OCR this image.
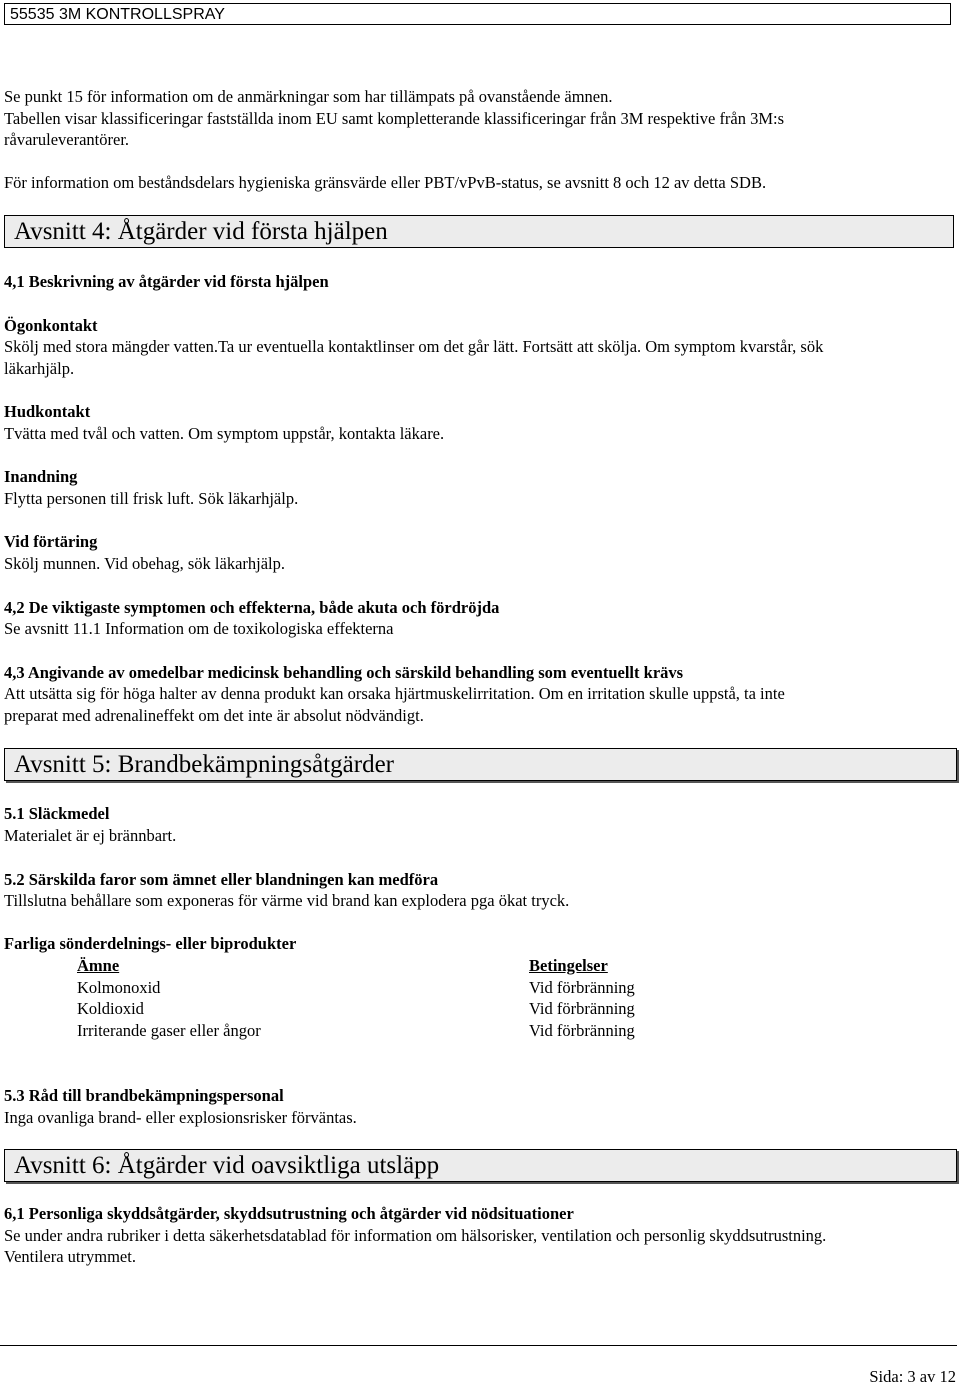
55535 3M KONTROLLSPRAY

Se punkt 15 för information om de anmärkningar som har tillämpats på ovanstående ämnen.

Tabellen visar klassificeringar fastställda inom EU samt kompletterande klassificeringar från 3M respektive från 3M:s

råvaruleverantörer.

För information om beståndsdelars hygieniska gränsvärde eller PBT/vPvB-status, se avsnitt 8 och 12 av detta SDB.

Avsnitt 4: Åtgärder vid första hjälpen

4,1 Beskrivning av åtgärder vid första hjälpen

Ögonkontakt

Skölj med stora mängder vatten.Ta ur eventuella kontaktlinser om det går lätt. Fortsätt att skölja. Om symptom kvarstår, sök

läkarhjälp.

Hudkontakt

Tvätta med tvål och vatten. Om symptom uppstår, kontakta läkare.

Inandning

Flytta personen till frisk luft. Sök läkarhjälp.

Vid förtäring

Skölj munnen. Vid obehag, sök läkarhjälp.

4,2 De viktigaste symptomen och effekterna, både akuta och fördröjda

Se avsnitt 11.1 Information om de toxikologiska effekterna

4,3 Angivande av omedelbar medicinsk behandling och särskild behandling som eventuellt krävs

Att utsätta sig för höga halter av denna produkt kan orsaka hjärtmuskelirritation. Om en irritation skulle uppstå, ta inte

preparat med adrenalineffekt om det inte är absolut nödvändigt.

Avsnitt 5: Brandbekämpningsåtgärder

5.1 Släckmedel

Materialet är ej brännbart.

5.2 Särskilda faror som ämnet eller blandningen kan medföra

Tillslutna behållare som exponeras för värme vid brand kan explodera pga ökat tryck.

Farliga sönderdelnings- eller biprodukter

Ämne	Betingelser
Kolmonoxid	Vid förbränning
Koldioxid	Vid förbränning
Irriterande gaser eller ångor	Vid förbränning

5.3 Råd till brandbekämpningspersonal

Inga ovanliga brand- eller explosionsrisker förväntas.

Avsnitt 6: Åtgärder vid oavsiktliga utsläpp

6,1 Personliga skyddsåtgärder, skyddsutrustning och åtgärder vid nödsituationer

Se under andra rubriker i detta säkerhetsdatablad för information om hälsorisker, ventilation och personlig skyddsutrustning.

Ventilera utrymmet.

Sida: 3 av 12
